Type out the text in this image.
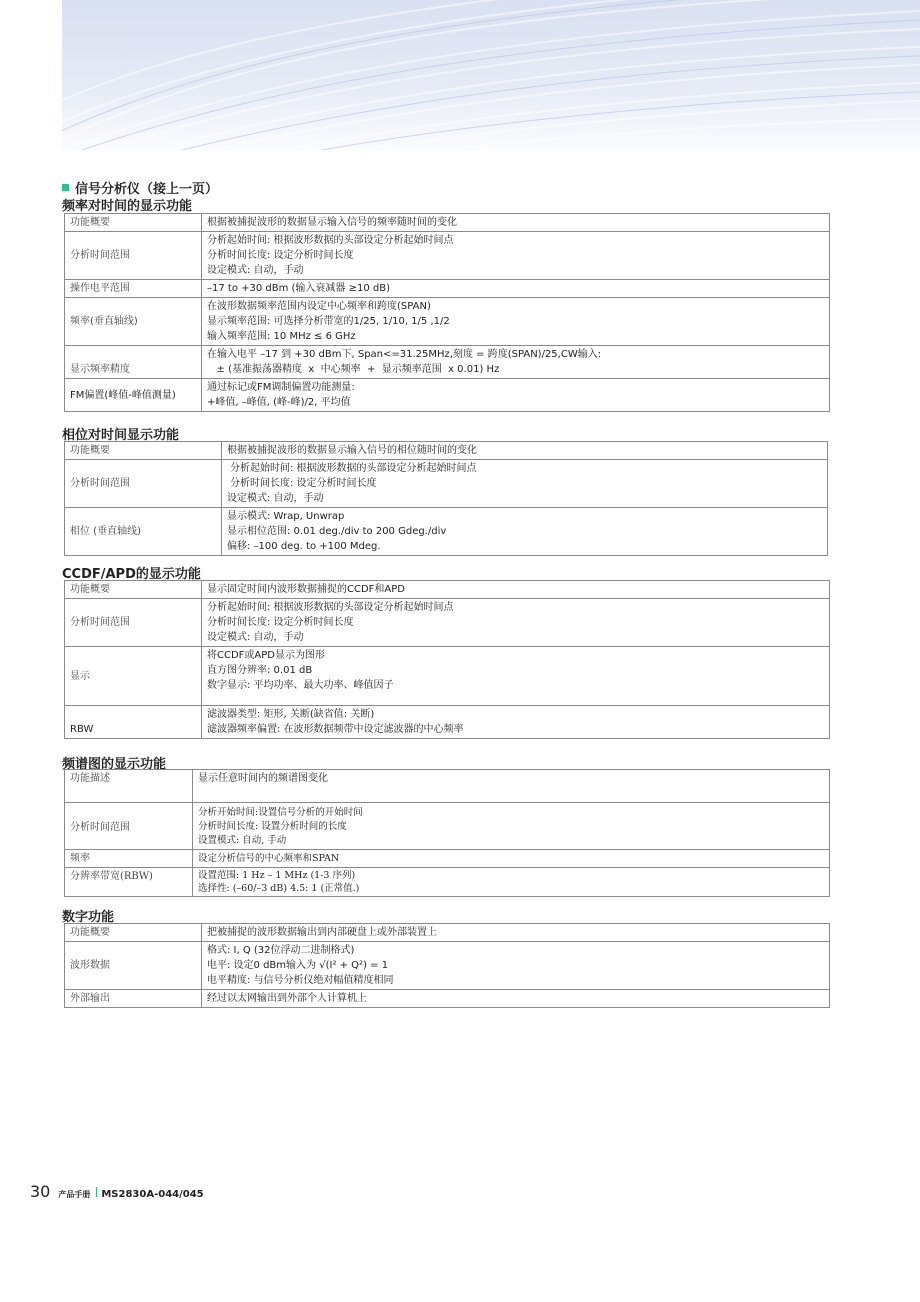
信号分析仪（接上一页）
频率对时间的显示功能
功能概要	根据被捕捉波形的数据显示输入信号的频率随时间的变化

分析时间范围	分析起始时间: 根据波形数据的头部设定分析起始时间点
分析时间长度: 设定分析时间长度
设定模式: 自动，手动

操作电平范围	–17 to +30 dBm (输入衰减器 ≥10 dB)

频率(垂直轴线)	在波形数据频率范围内设定中心频率和跨度(SPAN)
显示频率范围: 可选择分析带宽的1/25, 1/10, 1/5 ,1/2
输入频率范围: 10 MHz ≤ 6 GHz

显示频率精度	在输入电平 –17 到 +30 dBm下, Span<=31.25MHz,刻度 = 跨度(SPAN)/25,CW输入:
± (基准振荡器精度  x  中心频率  +  显示频率范围  x 0.01) Hz

FM偏置(峰值-峰值测量)	通过标记或FM调制偏置功能测量:
+峰值, –峰值, (峰-峰)/2, 平均值
相位对时间显示功能
功能概要	根据被捕捉波形的数据显示输入信号的相位随时间的变化

分析时间范围	分析起始时间: 根据波形数据的头部设定分析起始时间点
分析时间长度: 设定分析时间长度
设定模式: 自动，手动

相位 (垂直轴线)	显示模式: Wrap, Unwrap
显示相位范围: 0.01 deg./div to 200 Gdeg./div
偏移: –100 deg. to +100 Mdeg.
CCDF/APD的显示功能
功能概要	显示固定时间内波形数据捕捉的CCDF和APD

分析时间范围	分析起始时间: 根据波形数据的头部设定分析起始时间点
分析时间长度: 设定分析时间长度
设定模式: 自动，手动

显示	将CCDF或APD显示为图形
直方图分辨率: 0.01 dB
数字显示: 平均功率、最大功率、峰值因子

RBW	滤波器类型: 矩形, 关断(缺省值: 关断)
滤波器频率偏置: 在波形数据频带中设定滤波器的中心频率
频谱图的显示功能
功能描述	显示任意时间内的频谱图变化

分析时间范围	分析开始时间:设置信号分析的开始时间
分析时间长度: 设置分析时间的长度
设置模式: 自动, 手动

频率	设定分析信号的中心频率和SPAN

分辨率带宽(RBW)	设置范围: 1 Hz – 1 MHz (1-3 序列)
选择性: (–60/–3 dB) 4.5: 1 (正常值.)
数字功能
功能概要	把被捕捉的波形数据输出到内部硬盘上或外部装置上

波形数据	格式: I, Q (32位浮动二进制格式)
电平: 设定0 dBm输入为 √(I² + Q²) = 1
电平精度: 与信号分析仪绝对幅值精度相同

外部输出	经过以太网输出到外部个人计算机上
30 产品手册 MS2830A-044/045
